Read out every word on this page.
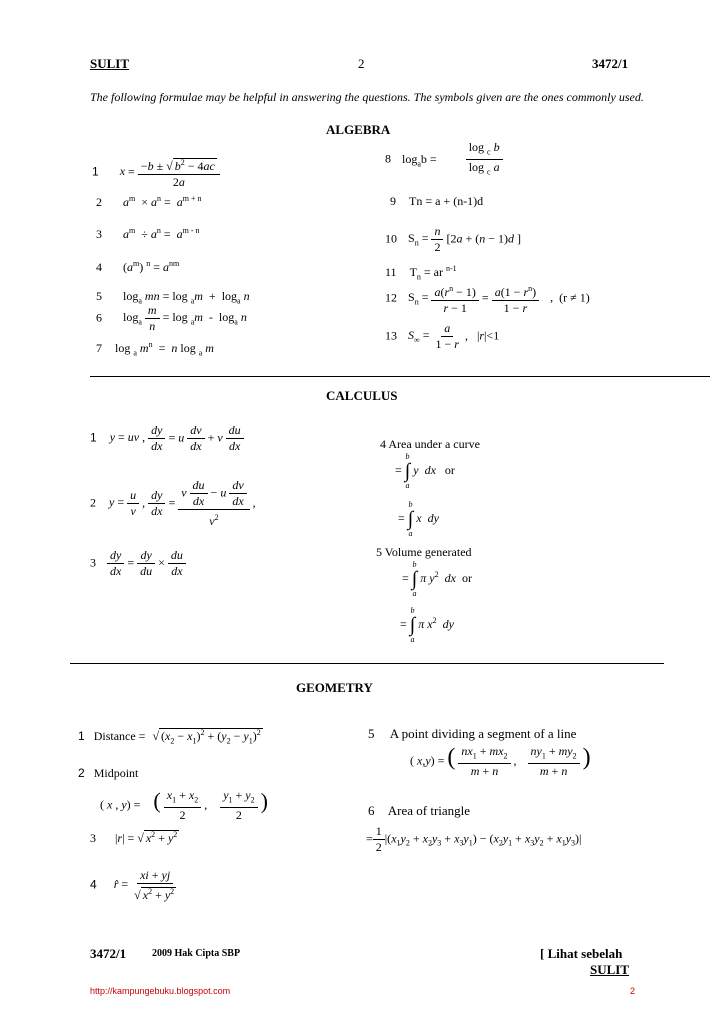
SULIT	2	3472/1
The following formulae may be helpful in answering the questions. The symbols given are the ones commonly used.
ALGEBRA
1 $x = \frac{-b \pm √ b^2 - 4ac}{2a}$
2 $a^m \times a^n = a^{m + n}$
3 $a^m \div a^n = a^{m - n}$
4 $(a^m) ^n = a^{nm}$
5 $\log_a$ mn = $\log _am + \log_a n$
6 $\log_a \frac{m}{n} = \log _am - \log_a n$
7 log $_a$ $m^n = n$ log $_a$ m
8 $\log_ab = \frac{\log _c b}{\log _c a}$
9 Tn = a + (n-1)d
10 $S_n = \frac{n}{2} [2a + (n - 1)d$ ]
11 $T_n$ = ar $^{n-1}$
12 $S_n = \frac{a(r^n - 1)}{r - 1} = \frac{a(1 - r^n)}{1 - r}$ ,  (r ≠ 1)
13 $S_\infty = \frac{a}{1 - r}$ ,   |r|<1
CALCULUS
1 y = uv , $\frac{dy}{dx} = u \frac{dv}{dx} + v \frac{du}{dx}$
2 $y = \frac{u}{v}$ , $\frac{dy}{dx} = \frac{v \frac{du}{dx} - u \frac{dv}{dx}}{v^2}$ ,
$3 \frac{dy}{dx} = \frac{dy}{du} \times \frac{du}{dx}$
4 Area under a curve
=
b
∫
a
y  dx or
=
b
∫
a
x  dy
5 Volume generated
=
b
∫
a
π $y^2$ dx or
=
b
∫
a
π $x^2$ dy
GEOMETRY
1 Distance = √ $(x_2 - x_1)^2 + (y_2 - y_1)^2$
2 Midpoint
( x , y) = ( $\frac{x_1 + x_2}{2}$ , $\frac{y_1 + y_2}{2}$ )
3 |r| = √ $x^2 + y^2$
4 r̂ = $\frac{xi + yj}{√ x^2 + y^2}$
5 A point dividing a segment of a line
( x,y) = ( $\frac{nx_1 + mx_2}{m + n}$ , $\frac{ny_1 + my_2}{m + n}$ )
6 Area of triangle
= $\frac{1}{2} |(x_1y_2 + x_2y_3 + x_3y_1) - (x_2y_1 + x_3y_2 + x_1y_3)|$
3472/1	2009 Hak Cipta SBP	[ Lihat sebelah
SULIT
http://kampungebuku.blogspot.com	2
